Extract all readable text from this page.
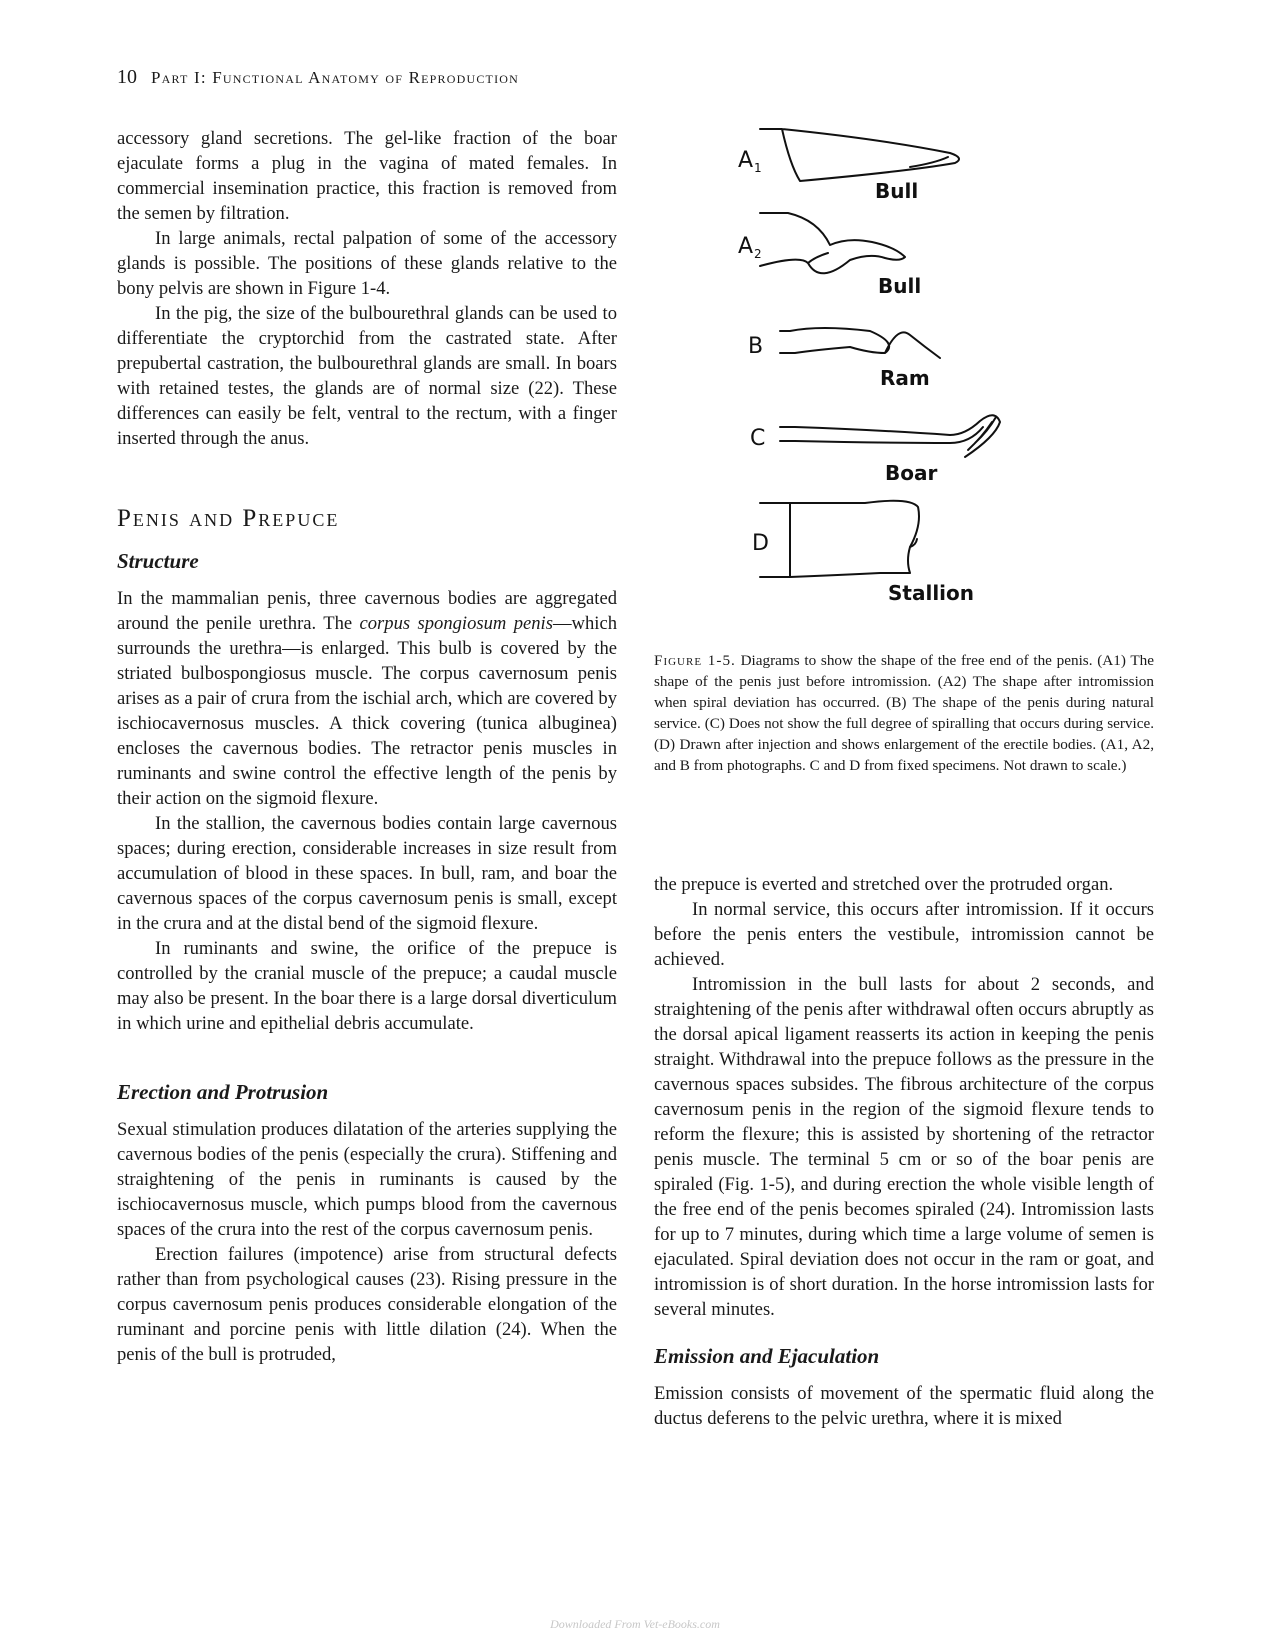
10 Part I: Functional Anatomy of Reproduction

accessory gland secretions. The gel-like fraction of the boar ejaculate forms a plug in the vagina of mated females. In commercial insemination practice, this fraction is removed from the semen by filtration.

In large animals, rectal palpation of some of the accessory glands is possible. The positions of these glands relative to the bony pelvis are shown in Figure 1-4.

In the pig, the size of the bulbourethral glands can be used to differentiate the cryptorchid from the castrated state. After prepubertal castration, the bulbourethral glands are small. In boars with retained testes, the glands are of normal size (22). These differences can easily be felt, ventral to the rectum, with a finger inserted through the anus.

Penis and Prepuce
Structure

In the mammalian penis, three cavernous bodies are aggregated around the penile urethra. The corpus spongiosum penis—which surrounds the urethra—is enlarged. This bulb is covered by the striated bulbospongiosus muscle. The corpus cavernosum penis arises as a pair of crura from the ischial arch, which are covered by ischiocavernosus muscles. A thick covering (tunica albuginea) encloses the cavernous bodies. The retractor penis muscles in ruminants and swine control the effective length of the penis by their action on the sigmoid flexure.

In the stallion, the cavernous bodies contain large cavernous spaces; during erection, considerable increases in size result from accumulation of blood in these spaces. In bull, ram, and boar the cavernous spaces of the corpus cavernosum penis is small, except in the crura and at the distal bend of the sigmoid flexure.

In ruminants and swine, the orifice of the prepuce is controlled by the cranial muscle of the prepuce; a caudal muscle may also be present. In the boar there is a large dorsal diverticulum in which urine and epithelial debris accumulate.

Erection and Protrusion

Sexual stimulation produces dilatation of the arteries supplying the cavernous bodies of the penis (especially the crura). Stiffening and straightening of the penis in ruminants is caused by the ischiocavernosus muscle, which pumps blood from the cavernous spaces of the crura into the rest of the corpus cavernosum penis.

Erection failures (impotence) arise from structural defects rather than from psychological causes (23). Rising pressure in the corpus cavernosum penis produces considerable elongation of the ruminant and porcine penis with little dilation (24). When the penis of the bull is protruded,

A 1
A 2
B
C
D
Bull
Bull
Ram
Boar
Stallion
Figure 1-5. Diagrams to show the shape of the free end of the penis. (A1) The shape of the penis just before intromission. (A2) The shape after intromission when spiral deviation has occurred. (B) The shape of the penis during natural service. (C) Does not show the full degree of spiralling that occurs during service. (D) Drawn after injection and shows enlargement of the erectile bodies. (A1, A2, and B from photographs. C and D from fixed specimens. Not drawn to scale.)

the prepuce is everted and stretched over the protruded organ.

In normal service, this occurs after intromission. If it occurs before the penis enters the vestibule, intromission cannot be achieved.

Intromission in the bull lasts for about 2 seconds, and straightening of the penis after withdrawal often occurs abruptly as the dorsal apical ligament reasserts its action in keeping the penis straight. Withdrawal into the prepuce follows as the pressure in the cavernous spaces subsides. The fibrous architecture of the corpus cavernosum penis in the region of the sigmoid flexure tends to reform the flexure; this is assisted by shortening of the retractor penis muscle. The terminal 5 cm or so of the boar penis are spiraled (Fig. 1-5), and during erection the whole visible length of the free end of the penis becomes spiraled (24). Intromission lasts for up to 7 minutes, during which time a large volume of semen is ejaculated. Spiral deviation does not occur in the ram or goat, and intromission is of short duration. In the horse intromission lasts for several minutes.

Emission and Ejaculation

Emission consists of movement of the spermatic fluid along the ductus deferens to the pelvic urethra, where it is mixed

Downloaded From Vet-eBooks.com
